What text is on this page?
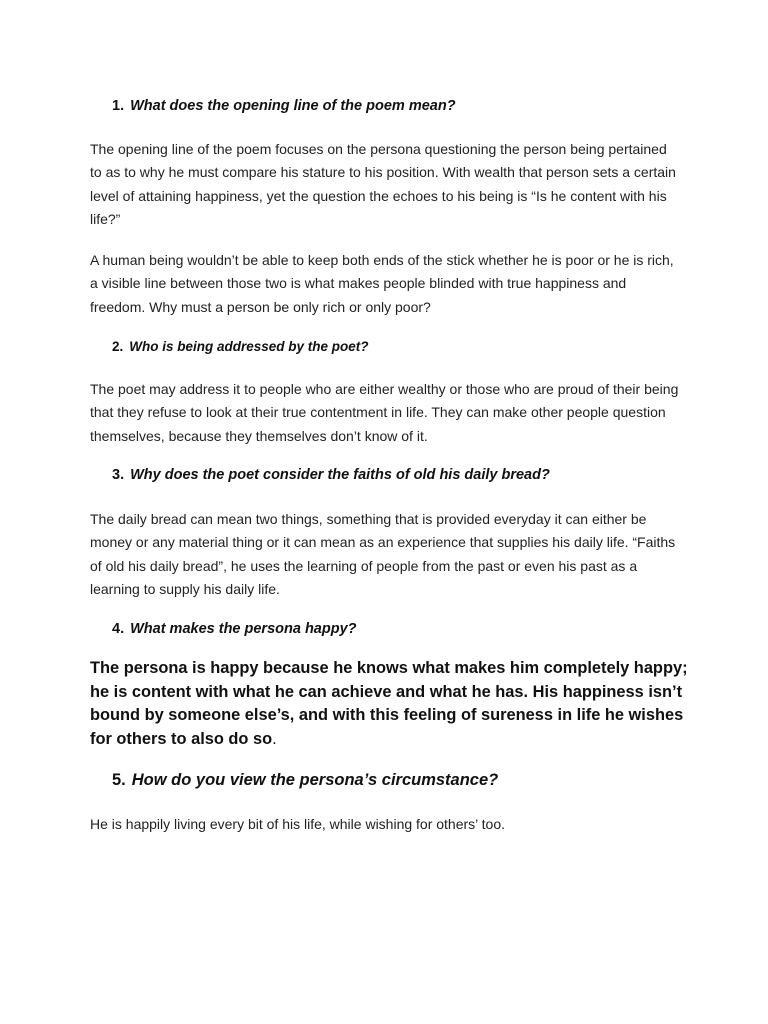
1. What does the opening line of the poem mean?
The opening line of the poem focuses on the persona questioning the person being pertained to as to why he must compare his stature to his position. With wealth that person sets a certain level of attaining happiness, yet the question the echoes to his being is “Is he content with his life?”
A human being wouldn’t be able to keep both ends of the stick whether he is poor or he is rich, a visible line between those two is what makes people blinded with true happiness and freedom. Why must a person be only rich or only poor?
2. Who is being addressed by the poet?
The poet may address it to people who are either wealthy or those who are proud of their being that they refuse to look at their true contentment in life. They can make other people question themselves, because they themselves don’t know of it.
3. Why does the poet consider the faiths of old his daily bread?
The daily bread can mean two things, something that is provided everyday it can either be money or any material thing or it can mean as an experience that supplies his daily life. “Faiths of old his daily bread”, he uses the learning of people from the past or even his past as a learning to supply his daily life.
4. What makes the persona happy?
The persona is happy because he knows what makes him completely happy; he is content with what he can achieve and what he has. His happiness isn’t bound by someone else’s, and with this feeling of sureness in life he wishes for others to also do so.
5. How do you view the persona’s circumstance?
He is happily living every bit of his life, while wishing for others’ too.
